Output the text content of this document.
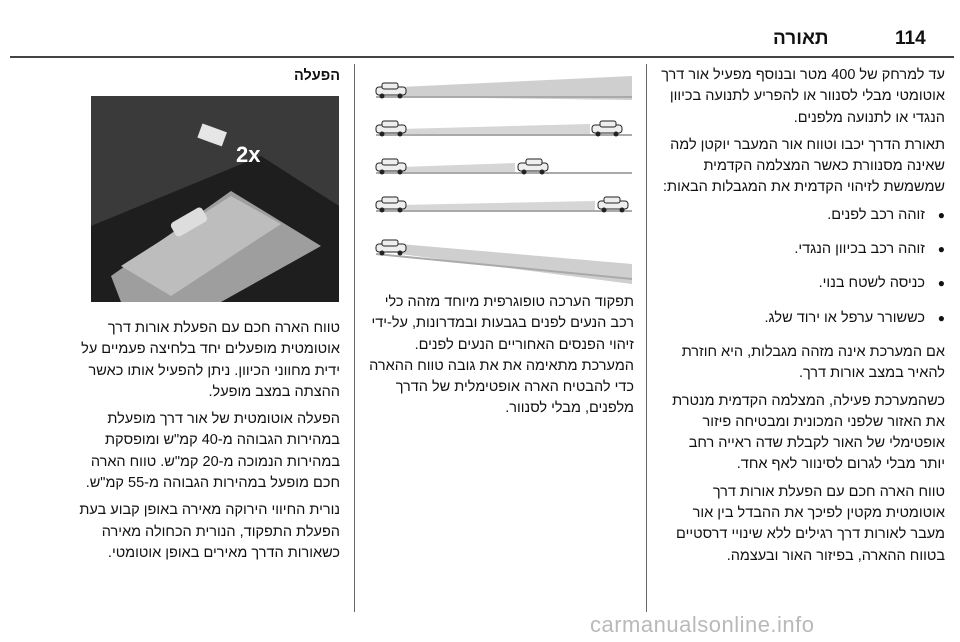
114
תאורה

עד למרחק של 400 מטר ובנוסף מפעיל אור דרך אוטומטי מבלי לסנוור או להפריע לתנועה בכיוון הנגדי או לתנועה מלפנים.

תאורת הדרך יכבו וטווח אור המעבר יוקטן למה שאינה מסנוורת כאשר המצלמה הקדמית שמשמשת לזיהוי הקדמית את המגבלות הבאות:

● זוהה רכב לפנים.
● זוהה רכב בכיוון הנגדי.
● כניסה לשטח בנוי.
● כששורר ערפל או ירוד שלג.

אם המערכת אינה מזהה מגבלות, היא חוזרת להאיר במצב אורות דרך.

כשהמערכת פעילה, המצלמה הקדמית מנטרת את האזור שלפני המכונית ומבטיחה פיזור אופטימלי של האור לקבלת שדה ראייה רחב יותר מבלי לגרום לסינוור לאף אחד.

טווח הארה חכם עם הפעלת אורות דרך אוטומטית מקטין לפיכך את ההבדל בין אור מעבר לאורות דרך רגילים ללא שינויי דרסטיים בטווח ההארה, בפיזור האור ובעצמה.

תפקוד הערכה טופוגרפית מיוחד מזהה כלי רכב הנעים לפנים בגבעות ובמדרונות, על-ידי זיהוי הפנסים האחוריים הנעים לפנים. המערכת מתאימה את את גובה טווח ההארה כדי להבטיח הארה אופטימלית של הדרך מלפנים, מבלי לסנוור.

הפעלה

2x

טווח הארה חכם עם הפעלת אורות דרך אוטומטית מופעלים יחד בלחיצה פעמיים על ידית מחווני הכיוון. ניתן להפעיל אותו כאשר ההצתה במצב מופעל.

הפעלה אוטומטית של אור דרך מופעלת במהירות הגבוהה מ-40 קמ"ש ומופסקת במהירות הנמוכה מ-20 קמ"ש. טווח הארה חכם מופעל במהירות הגבוהה מ-55 קמ"ש.

נורית החיווי הירוקה מאירה באופן קבוע בעת הפעלת התפקוד, הנורית הכחולה מאירה כשאורות הדרך מאירים באופן אוטומטי.

carmanualsonline.info
